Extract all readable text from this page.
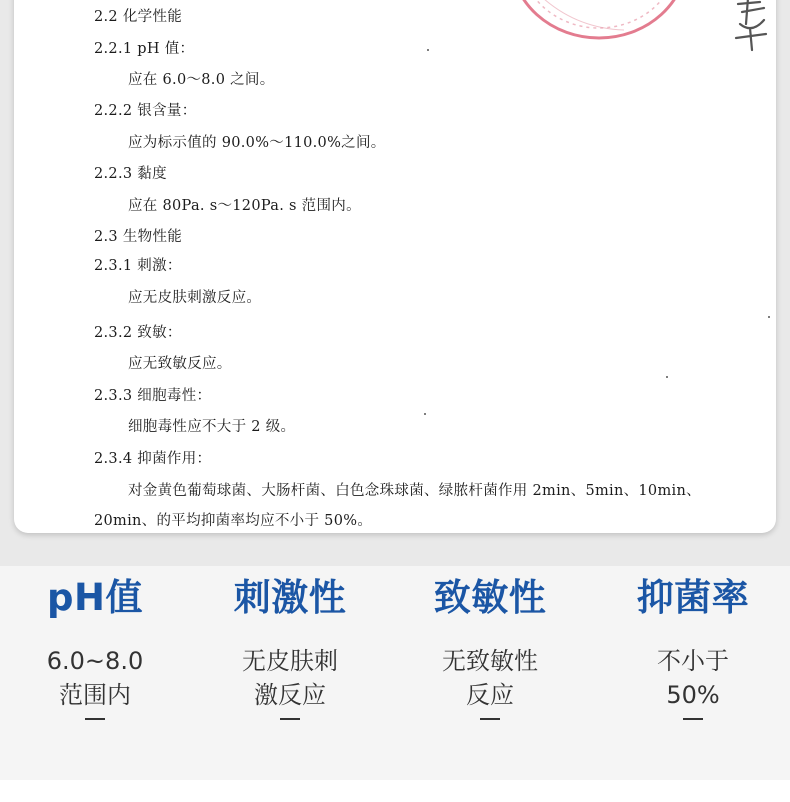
2.2 化学性能
2.2.1 pH 值：
应在 6.0～8.0 之间。
2.2.2 银含量：
应为标示值的 90.0%～110.0%之间。
2.2.3 黏度
应在 80Pa. s～120Pa. s 范围内。
2.3 生物性能
2.3.1 刺激：
应无皮肤刺激反应。
2.3.2 致敏：
应无致敏反应。
2.3.3 细胞毒性：
细胞毒性应不大于 2 级。
2.3.4 抑菌作用：
对金黄色葡萄球菌、大肠杆菌、白色念珠球菌、绿脓杆菌作用 2min、5min、10min、
20min、的平均抑菌率均应不小于 50%。
pH值
6.0~8.0
范围内
刺激性
无皮肤刺
激反应
致敏性
无致敏性
反应
抑菌率
不小于
50%
